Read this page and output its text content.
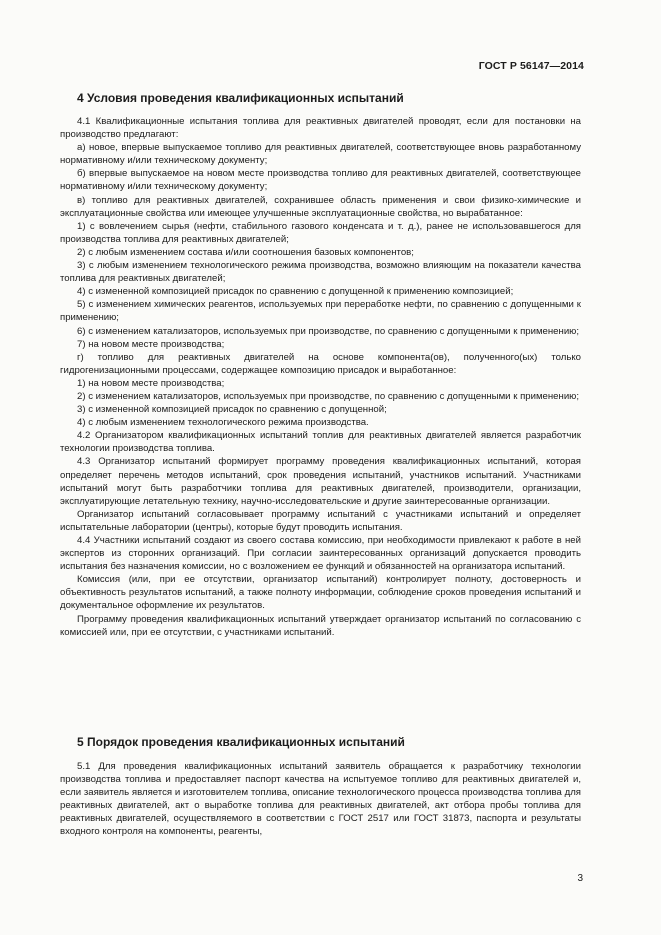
ГОСТ Р 56147—2014
4 Условия проведения квалификационных испытаний

4.1 Квалификационные испытания топлива для реактивных двигателей проводят, если для постановки на производство предлагают:

а) новое, впервые выпускаемое топливо для реактивных двигателей, соответствующее вновь разработанному нормативному и/или техническому документу;

б) впервые выпускаемое на новом месте производства топливо для реактивных двигателей, соответствующее нормативному и/или техническому документу;

в) топливо для реактивных двигателей, сохранившее область применения и свои физико-химические и эксплуатационные свойства или имеющее улучшенные эксплуатационные свойства, но вырабатанное:

1) с вовлечением сырья (нефти, стабильного газового конденсата и т. д.), ранее не использовавшегося для производства топлива для реактивных двигателей;

2) с любым изменением состава и/или соотношения базовых компонентов;

3) с любым изменением технологического режима производства, возможно влияющим на показатели качества топлива для реактивных двигателей;

4) с измененной композицией присадок по сравнению с допущенной к применению композицией;

5) с изменением химических реагентов, используемых при переработке нефти, по сравнению с допущенными к применению;

6) с изменением катализаторов, используемых при производстве, по сравнению с допущенными к применению;

7) на новом месте производства;

г) топливо для реактивных двигателей на основе компонента(ов), полученного(ых) только гидрогенизационными процессами, содержащее композицию присадок и выработанное:

1) на новом месте производства;

2) с изменением катализаторов, используемых при производстве, по сравнению с допущенными к применению;

3) с измененной композицией присадок по сравнению с допущенной;

4) с любым изменением технологического режима производства.

4.2 Организатором квалификационных испытаний топлив для реактивных двигателей является разработчик технологии производства топлива.

4.3 Организатор испытаний формирует программу проведения квалификационных испытаний, которая определяет перечень методов испытаний, срок проведения испытаний, участников испытаний. Участниками испытаний могут быть разработчики топлива для реактивных двигателей, производители, организации, эксплуатирующие летательную технику, научно-исследовательские и другие заинтересованные организации.

Организатор испытаний согласовывает программу испытаний с участниками испытаний и определяет испытательные лаборатории (центры), которые будут проводить испытания.

4.4 Участники испытаний создают из своего состава комиссию, при необходимости привлекают к работе в ней экспертов из сторонних организаций. При согласии заинтересованных организаций допускается проводить испытания без назначения комиссии, но с возложением ее функций и обязанностей на организатора испытаний.

Комиссия (или, при ее отсутствии, организатор испытаний) контролирует полноту, достоверность и объективность результатов испытаний, а также полноту информации, соблюдение сроков проведения испытаний и документальное оформление их результатов.

Программу проведения квалификационных испытаний утверждает организатор испытаний по согласованию с комиссией или, при ее отсутствии, с участниками испытаний.

5 Порядок проведения квалификационных испытаний

5.1 Для проведения квалификационных испытаний заявитель обращается к разработчику технологии производства топлива и предоставляет паспорт качества на испытуемое топливо для реактивных двигателей и, если заявитель является и изготовителем топлива, описание технологического процесса производства топлива для реактивных двигателей, акт о выработке топлива для реактивных двигателей, акт отбора пробы топлива для реактивных двигателей, осуществляемого в соответствии с ГОСТ 2517 или ГОСТ 31873, паспорта и результаты входного контроля на компоненты, реагенты,

3
